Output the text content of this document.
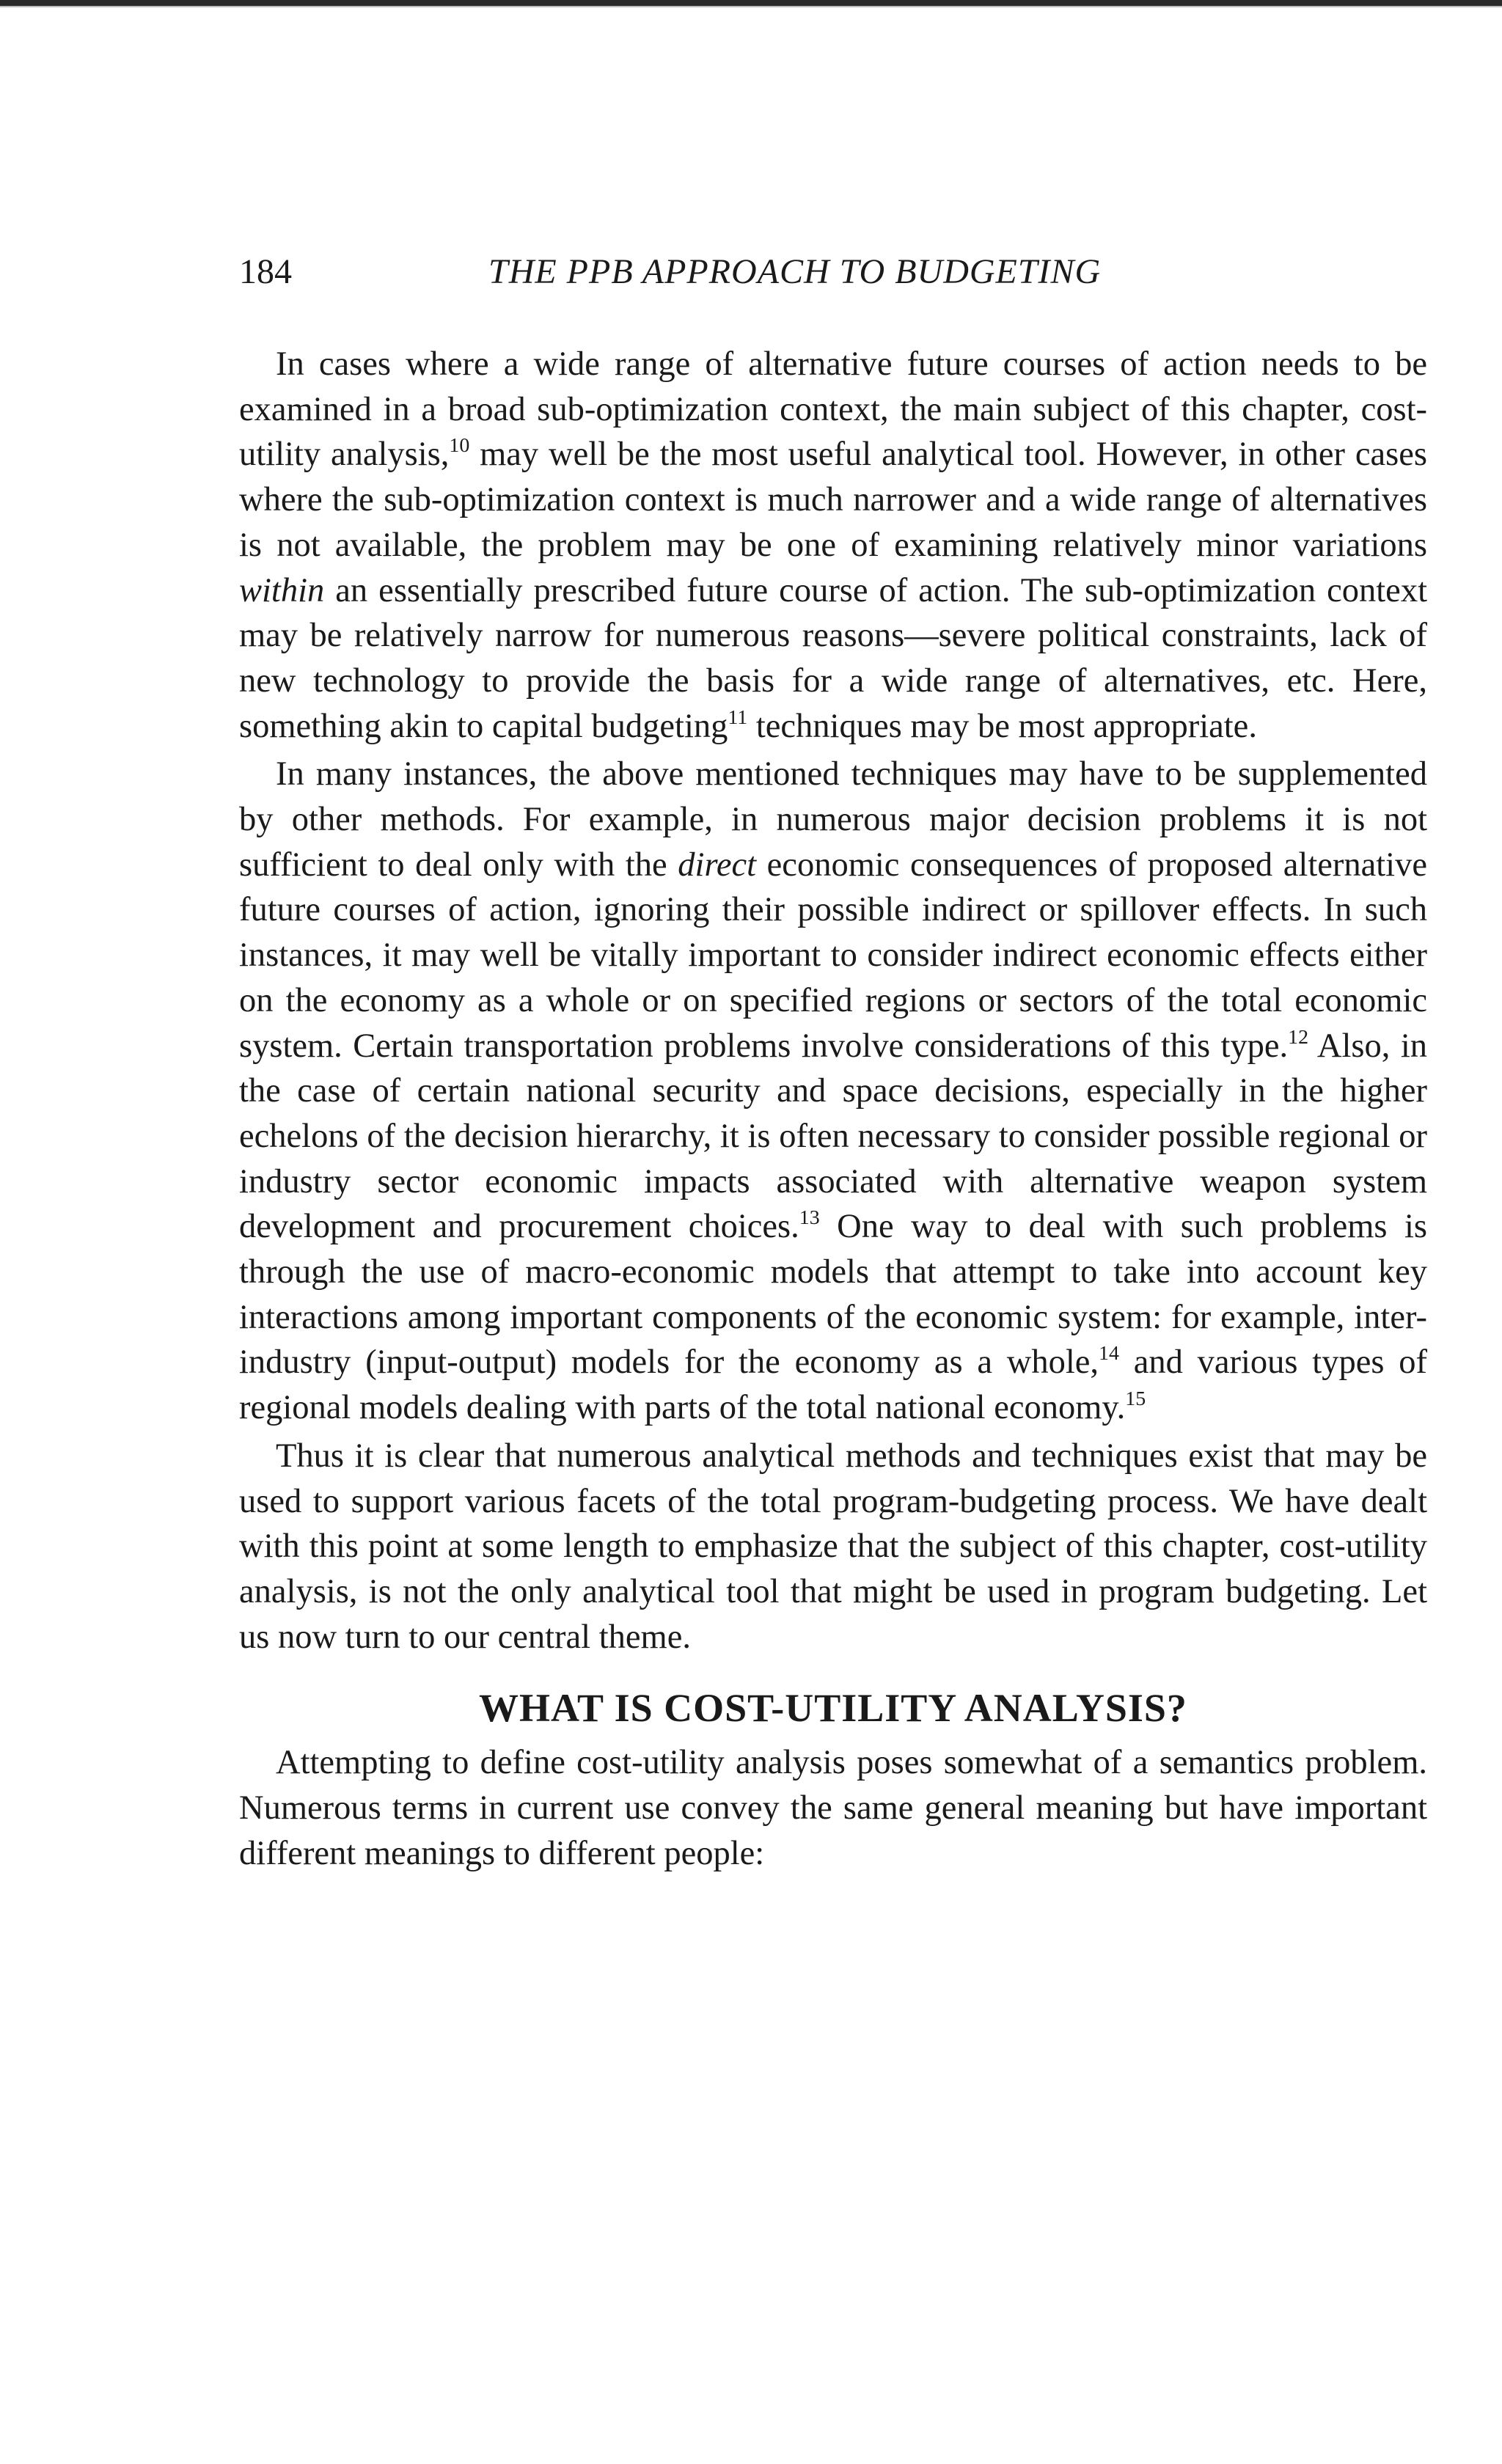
184	THE PPB APPROACH TO BUDGETING

In cases where a wide range of alternative future courses of action needs to be examined in a broad sub-optimization context, the main subject of this chapter, cost-utility analysis,$^{10}$ may well be the most useful analytical tool. However, in other cases where the sub-optimization context is much narrower and a wide range of alternatives is not available, the problem may be one of examining relatively minor variations within an essentially prescribed future course of action. The sub-optimization context may be relatively narrow for numerous reasons—severe political constraints, lack of new technology to provide the basis for a wide range of alternatives, etc. Here, something akin to capital budgeting$^{11}$ techniques may be most appropriate.

In many instances, the above mentioned techniques may have to be supplemented by other methods. For example, in numerous major decision problems it is not sufficient to deal only with the direct economic consequences of proposed alternative future courses of action, ignoring their possible indirect or spillover effects. In such instances, it may well be vitally important to consider indirect economic effects either on the economy as a whole or on specified regions or sectors of the total economic system. Certain transportation problems involve considerations of this type.$^{12}$ Also, in the case of certain national security and space decisions, especially in the higher echelons of the decision hierarchy, it is often necessary to consider possible regional or industry sector economic impacts associated with alternative weapon system development and procurement choices.$^{13}$ One way to deal with such problems is through the use of macro-economic models that attempt to take into account key interactions among important components of the economic system: for example, inter-industry (input-output) models for the economy as a whole,$^{14}$ and various types of regional models dealing with parts of the total national economy.$^{15}$

Thus it is clear that numerous analytical methods and techniques exist that may be used to support various facets of the total program-budgeting process. We have dealt with this point at some length to emphasize that the subject of this chapter, cost-utility analysis, is not the only analytical tool that might be used in program budgeting. Let us now turn to our central theme.

WHAT IS COST-UTILITY ANALYSIS?

Attempting to define cost-utility analysis poses somewhat of a semantics problem. Numerous terms in current use convey the same general meaning but have important different meanings to different people:
